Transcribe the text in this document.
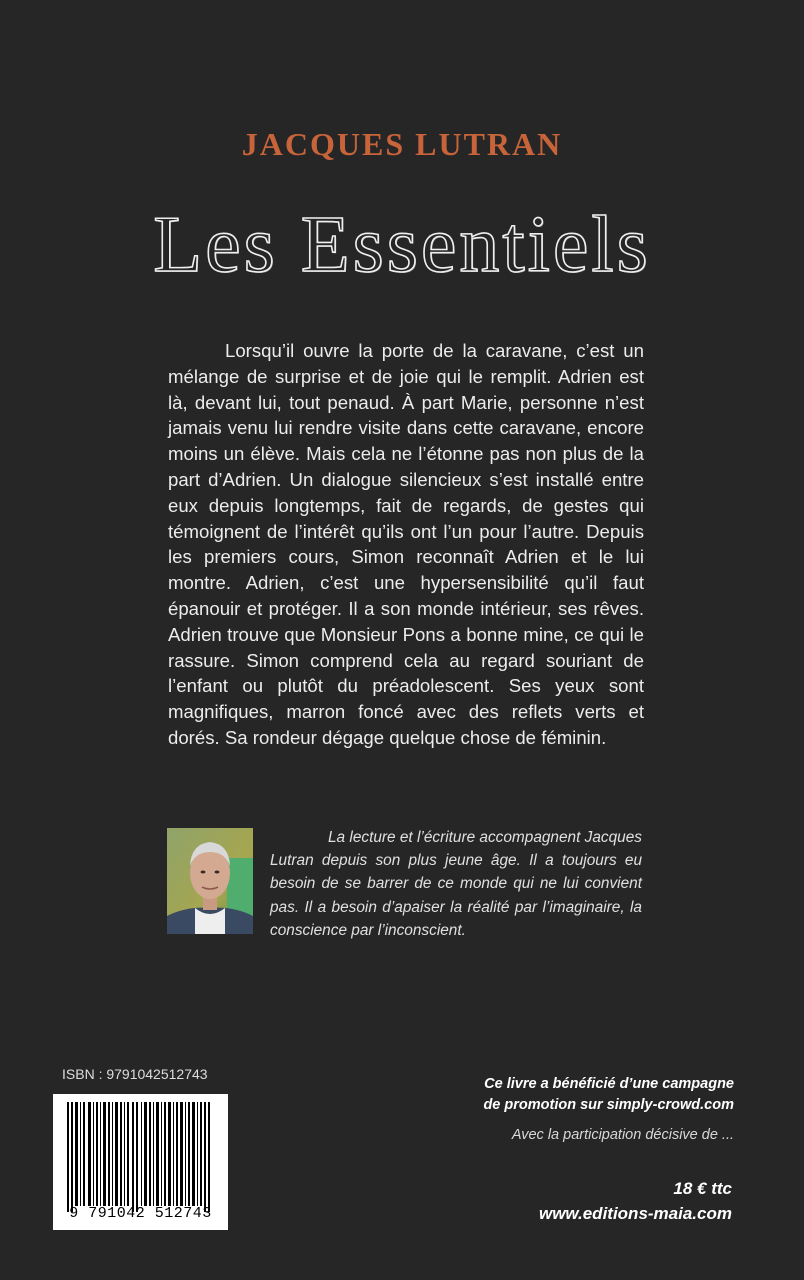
JACQUES LUTRAN
Les Essentiels

Lorsqu’il ouvre la porte de la caravane, c’est un mélange de surprise et de joie qui le remplit. Adrien est là, devant lui, tout penaud. À part Marie, personne n’est jamais venu lui rendre visite dans cette caravane, encore moins un élève. Mais cela ne l’étonne pas non plus de la part d’Adrien. Un dialogue silencieux s’est installé entre eux depuis longtemps, fait de regards, de gestes qui témoignent de l’intérêt qu’ils ont l’un pour l’autre. Depuis les premiers cours, Simon reconnaît Adrien et le lui montre. Adrien, c’est une hypersensibilité qu’il faut épanouir et protéger. Il a son monde intérieur, ses rêves. Adrien trouve que Monsieur Pons a bonne mine, ce qui le rassure. Simon comprend cela au regard souriant de l’enfant ou plutôt du préadolescent. Ses yeux sont magnifiques, marron foncé avec des reflets verts et dorés. Sa rondeur dégage quelque chose de féminin.

La lecture et l’écriture accompagnent Jacques Lutran depuis son plus jeune âge. Il a toujours eu besoin de se barrer de ce monde qui ne lui convient pas. Il a besoin d’apaiser la réalité par l’imaginaire, la conscience par l’inconscient.

ISBN : 9791042512743
9 791042 512743
Ce livre a bénéficié d’une campagne
de promotion sur simply-crowd.com
Avec la participation décisive de ...
18 € ttc
www.editions-maia.com
